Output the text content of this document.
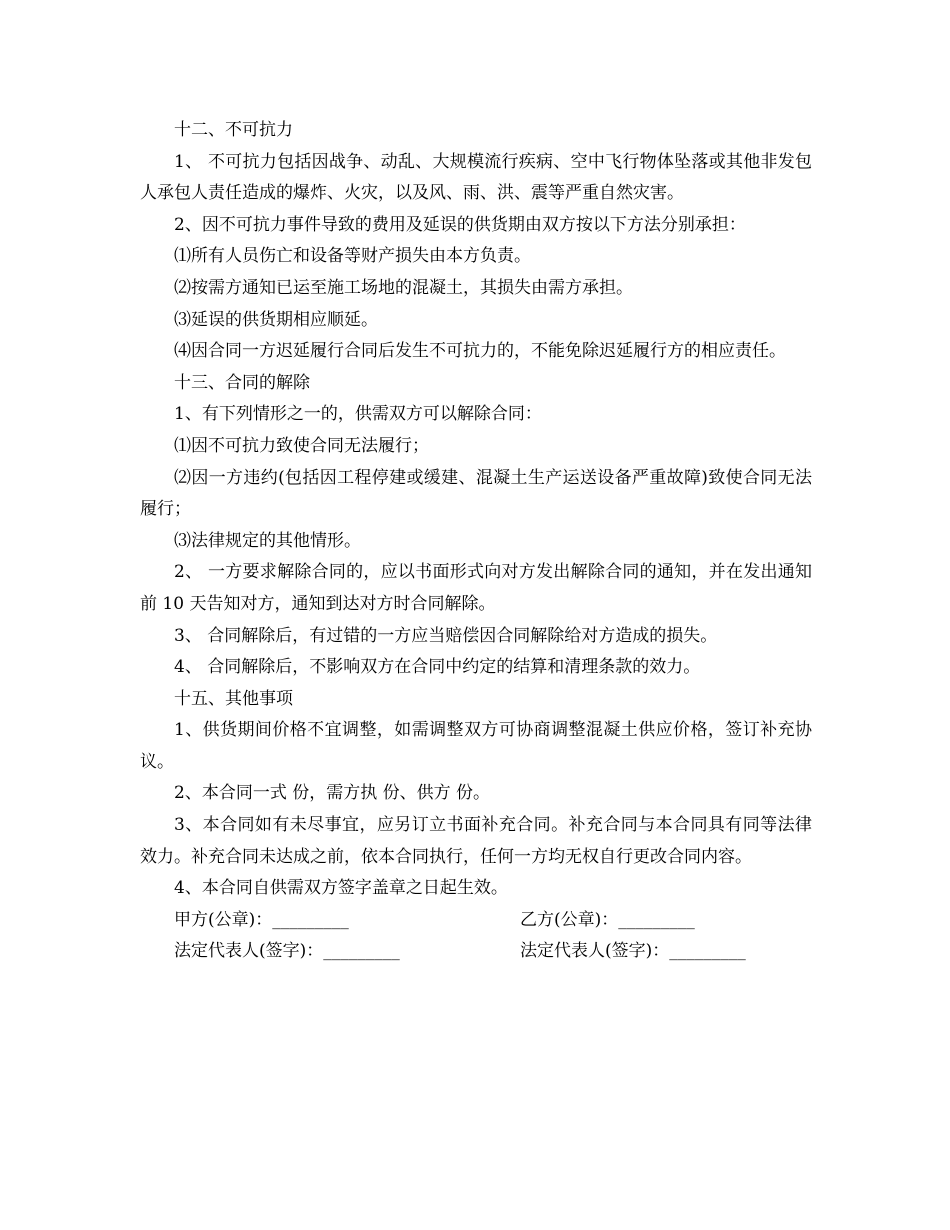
十二、不可抗力

1、 不可抗力包括因战争、动乱、大规模流行疾病、空中飞行物体坠落或其他非发包人承包人责任造成的爆炸、火灾，以及风、雨、洪、震等严重自然灾害。

2、因不可抗力事件导致的费用及延误的供货期由双方按以下方法分别承担：

⑴所有人员伤亡和设备等财产损失由本方负责。

⑵按需方通知已运至施工场地的混凝土，其损失由需方承担。

⑶延误的供货期相应顺延。

⑷因合同一方迟延履行合同后发生不可抗力的，不能免除迟延履行方的相应责任。

十三、合同的解除

1、有下列情形之一的，供需双方可以解除合同：

⑴因不可抗力致使合同无法履行；

⑵因一方违约(包括因工程停建或缓建、混凝土生产运送设备严重故障)致使合同无法履行；

⑶法律规定的其他情形。

2、 一方要求解除合同的，应以书面形式向对方发出解除合同的通知，并在发出通知前 10 天告知对方，通知到达对方时合同解除。

3、 合同解除后，有过错的一方应当赔偿因合同解除给对方造成的损失。

4、 合同解除后，不影响双方在合同中约定的结算和清理条款的效力。

十五、其他事项

1、供货期间价格不宜调整，如需调整双方可协商调整混凝土供应价格，签订补充协议。

2、本合同一式 份，需方执 份、供方 份。

3、本合同如有未尽事宜，应另订立书面补充合同。补充合同与本合同具有同等法律效力。补充合同未达成之前，依本合同执行，任何一方均无权自行更改合同内容。

4、本合同自供需双方签字盖章之日起生效。

甲方(公章)：_________	乙方(公章)：_________
法定代表人(签字)：_________	法定代表人(签字)：_________
